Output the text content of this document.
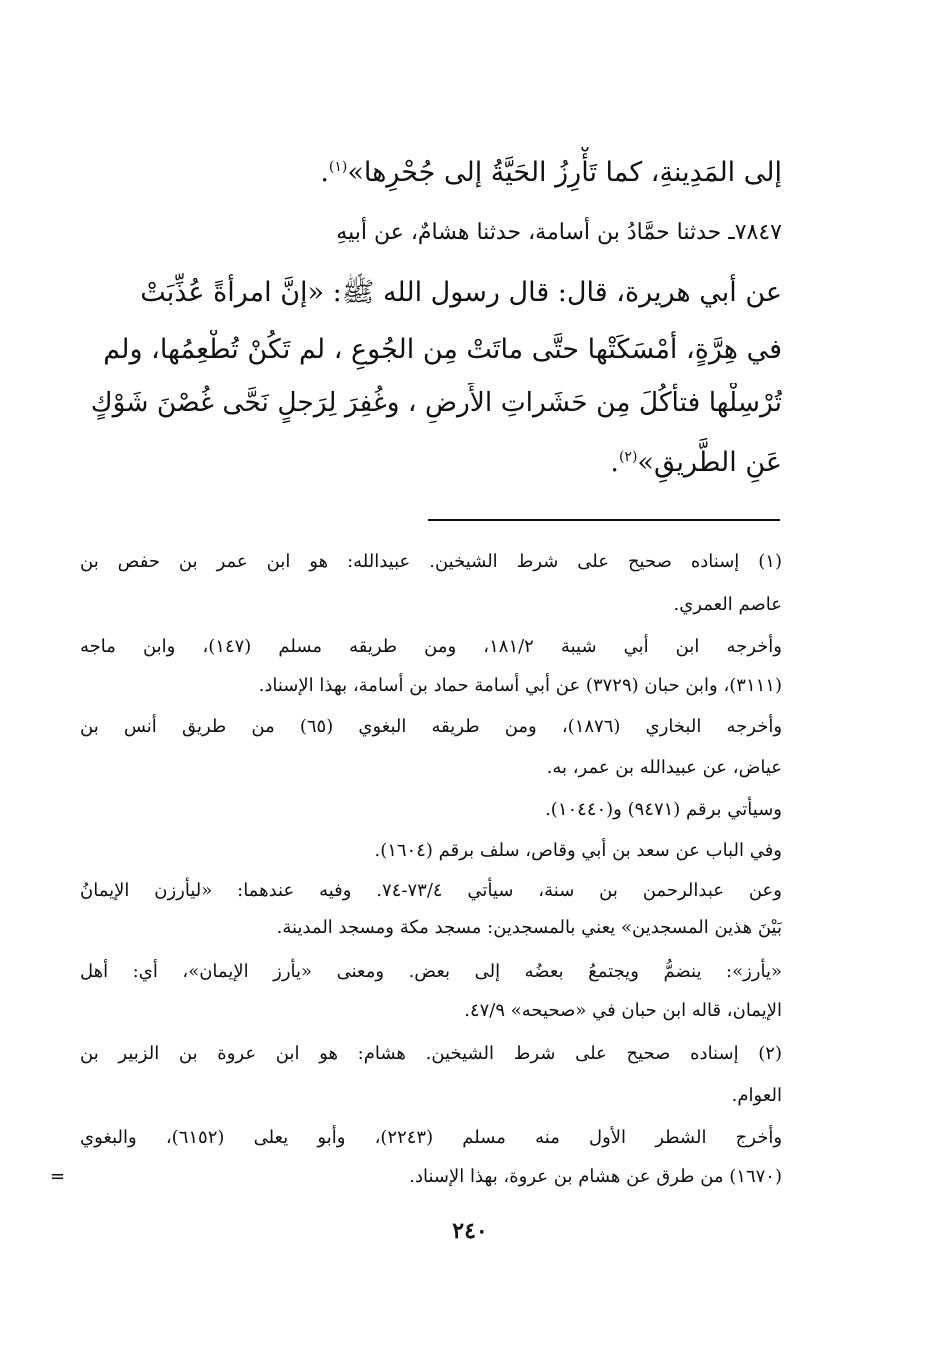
إلى المَدِينةِ، كما تَأْرِزُ الحَيَّةُ إلى جُحْرِها»$^{(١)}$.
٧٨٤٧ـ حدثنا حمَّادُ بن أسامة، حدثنا هشامٌ، عن أبيهِ
عن أبي هريرة، قال: قال رسول الله ﷺ: «إنَّ امرأةً عُذِّبَتْ
في هِرَّةٍ، أَمْسَكَتْها حتَّى ماتَتْ مِن الجُوعِ ، لم تَكُنْ تُطْعِمُها، ولم
تُرْسِلْها فتأْكُلَ مِن حَشَراتِ الأَرضِ ، وغُفِرَ لِرَجلٍ نَحَّى غُصْنَ شَوْكٍ
عَنِ الطَّريقِ»$^{(٢)}$.
(١) إسناده صحيح على شرط الشيخين. عبيدالله: هو ابن عمر بن حفص بن
عاصم العمري.
وأخرجه ابن أبي شيبة ١٨١/٢، ومن طريقه مسلم (١٤٧)، وابن ماجه
(٣١١١)، وابن حبان (٣٧٢٩) عن أبي أسامة حماد بن أسامة، بهذا الإسناد.
وأخرجه البخاري (١٨٧٦)، ومن طريقه البغوي (٦٥) من طريق أنس بن
عياض، عن عبيدالله بن عمر، به.
وسيأتي برقم (٩٤٧١) و(١٠٤٤٠).
وفي الباب عن سعد بن أبي وقاص، سلف برقم (١٦٠٤).
وعن عبدالرحمن بن سنة، سيأتي ٧٣/٤-٧٤. وفيه عندهما: «ليأرزن الإيمانُ
بَيْنَ هذين المسجدين» يعني بالمسجدين: مسجد مكة ومسجد المدينة.
«يأرز»: ينضمُّ ويجتمعُ بعضُه إلى بعض. ومعنى «يأرز الإيمان»، أي: أهل
الإيمان، قاله ابن حبان في «صحيحه» ٤٧/٩.
(٢) إسناده صحيح على شرط الشيخين. هشام: هو ابن عروة بن الزبير بن
العوام.
وأخرج الشطر الأول منه مسلم (٢٢٤٣)، وأبو يعلى (٦١٥٢)، والبغوي
(١٦٧٠) من طرق عن هشام بن عروة، بهذا الإسناد.
=
٢٤٠
